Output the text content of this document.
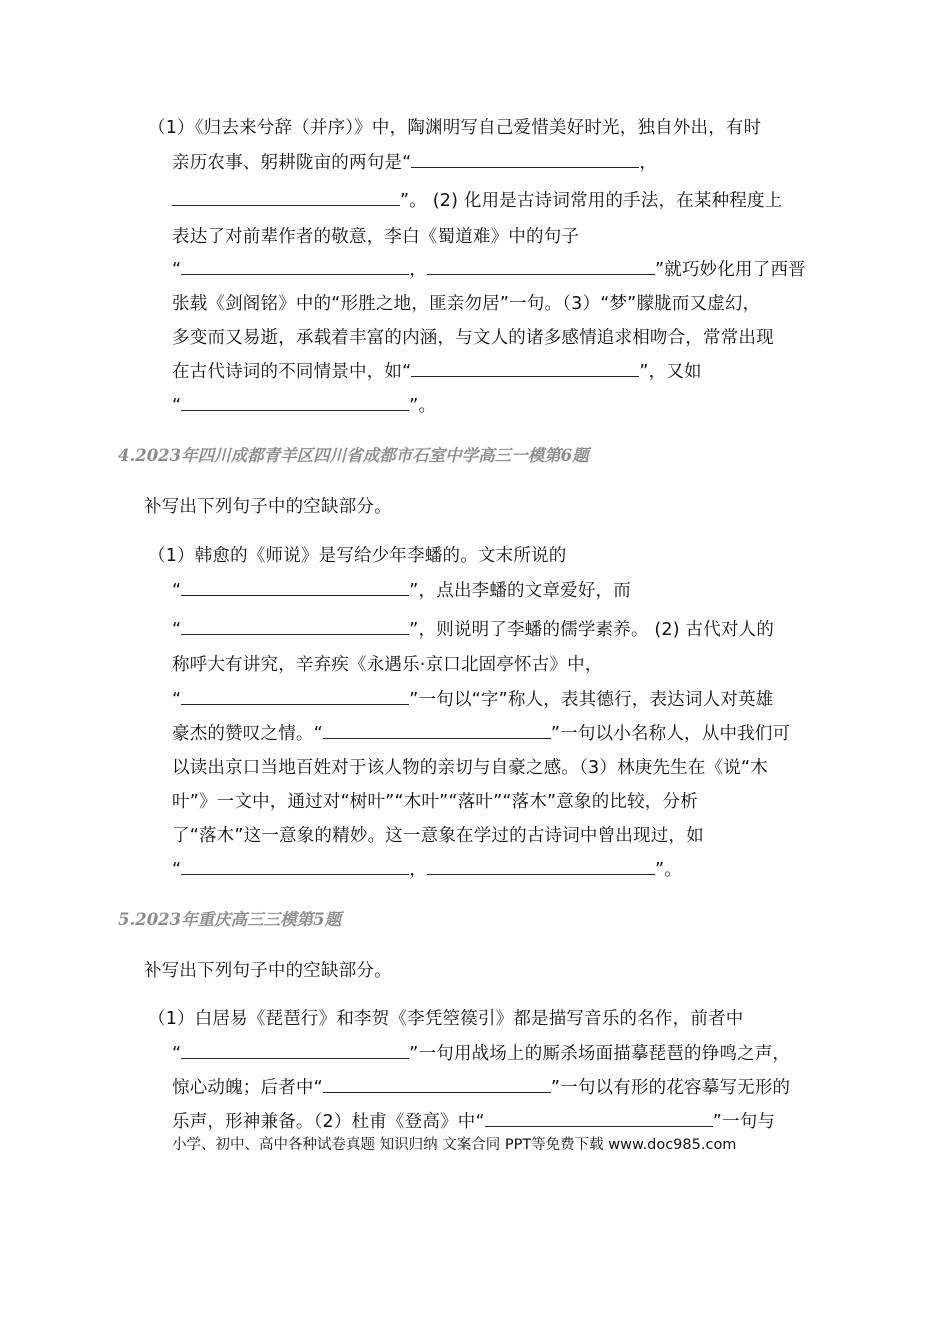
（1）《归去来兮辞（并序）》中，陶渊明写自己爱惜美好时光，独自外出，有时
亲历农事、躬耕陇亩的两句是“	，
”。 (2) 化用是古诗词常用的手法，在某种程度上
表达了对前辈作者的敬意，李白《蜀道难》中的句子
“	，	”就巧妙化用了西晋
张载《剑阁铭》中的“形胜之地，匪亲勿居”一句。（3）“梦”朦胧而又虚幻，
多变而又易逝，承载着丰富的内涵，与文人的诸多感情追求相吻合，常常出现
在古代诗词的不同情景中，如“	”，又如
“	”。
4.2023年四川成都青羊区四川省成都市石室中学高三一模第6题
补写出下列句子中的空缺部分。
（1）韩愈的《师说》是写给少年李蟠的。文末所说的
“	”，点出李蟠的文章爱好，而
“	”，则说明了李蟠的儒学素养。 (2) 古代对人的
称呼大有讲究，辛弃疾《永遇乐·京口北固亭怀古》中，
“	”一句以“字”称人，表其德行，表达词人对英雄
豪杰的赞叹之情。“	”一句以小名称人，从中我们可
以读出京口当地百姓对于该人物的亲切与自豪之感。（3）林庚先生在《说“木
叶”》一文中，通过对“树叶”“木叶”“落叶”“落木”意象的比较，分析
了“落木”这一意象的精妙。这一意象在学过的古诗词中曾出现过，如
“	，	”。
5.2023年重庆高三三模第5题
补写出下列句子中的空缺部分。
（1）白居易《琵琶行》和李贺《李凭箜篌引》都是描写音乐的名作，前者中
“	”一句用战场上的厮杀场面描摹琵琶的铮鸣之声，
惊心动魄；后者中“	”一句以有形的花容摹写无形的
乐声，形神兼备。（2）杜甫《登高》中“	”一句与
小学、初中、高中各种试卷真题 知识归纳 文案合同 PPT等免费下载 www.doc985.com
